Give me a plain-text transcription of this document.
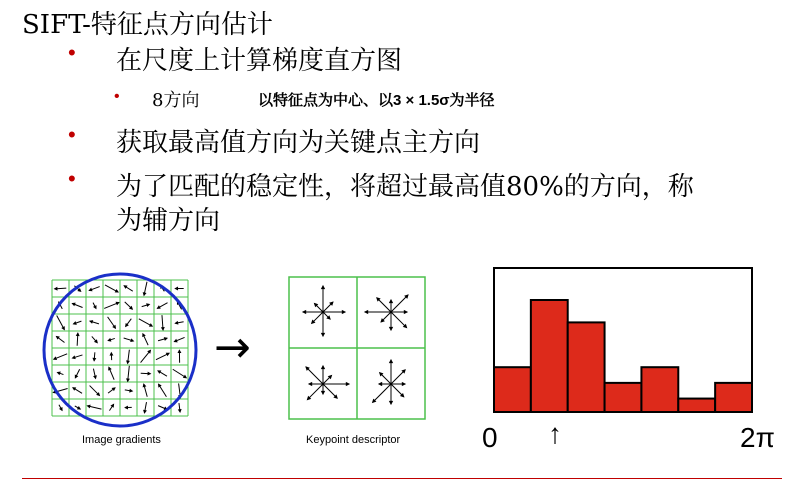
SIFT-特征点方向估计
• 在尺度上计算梯度直方图
• 8方向	以特征点为中心、以3 × 1.5σ为半径
• 获取最高值方向为关键点主方向
• 为了匹配的稳定性，将超过最高值80%的方向，称
为辅方向
Image gradients
→
Keypoint descriptor	0 ↑	2π
